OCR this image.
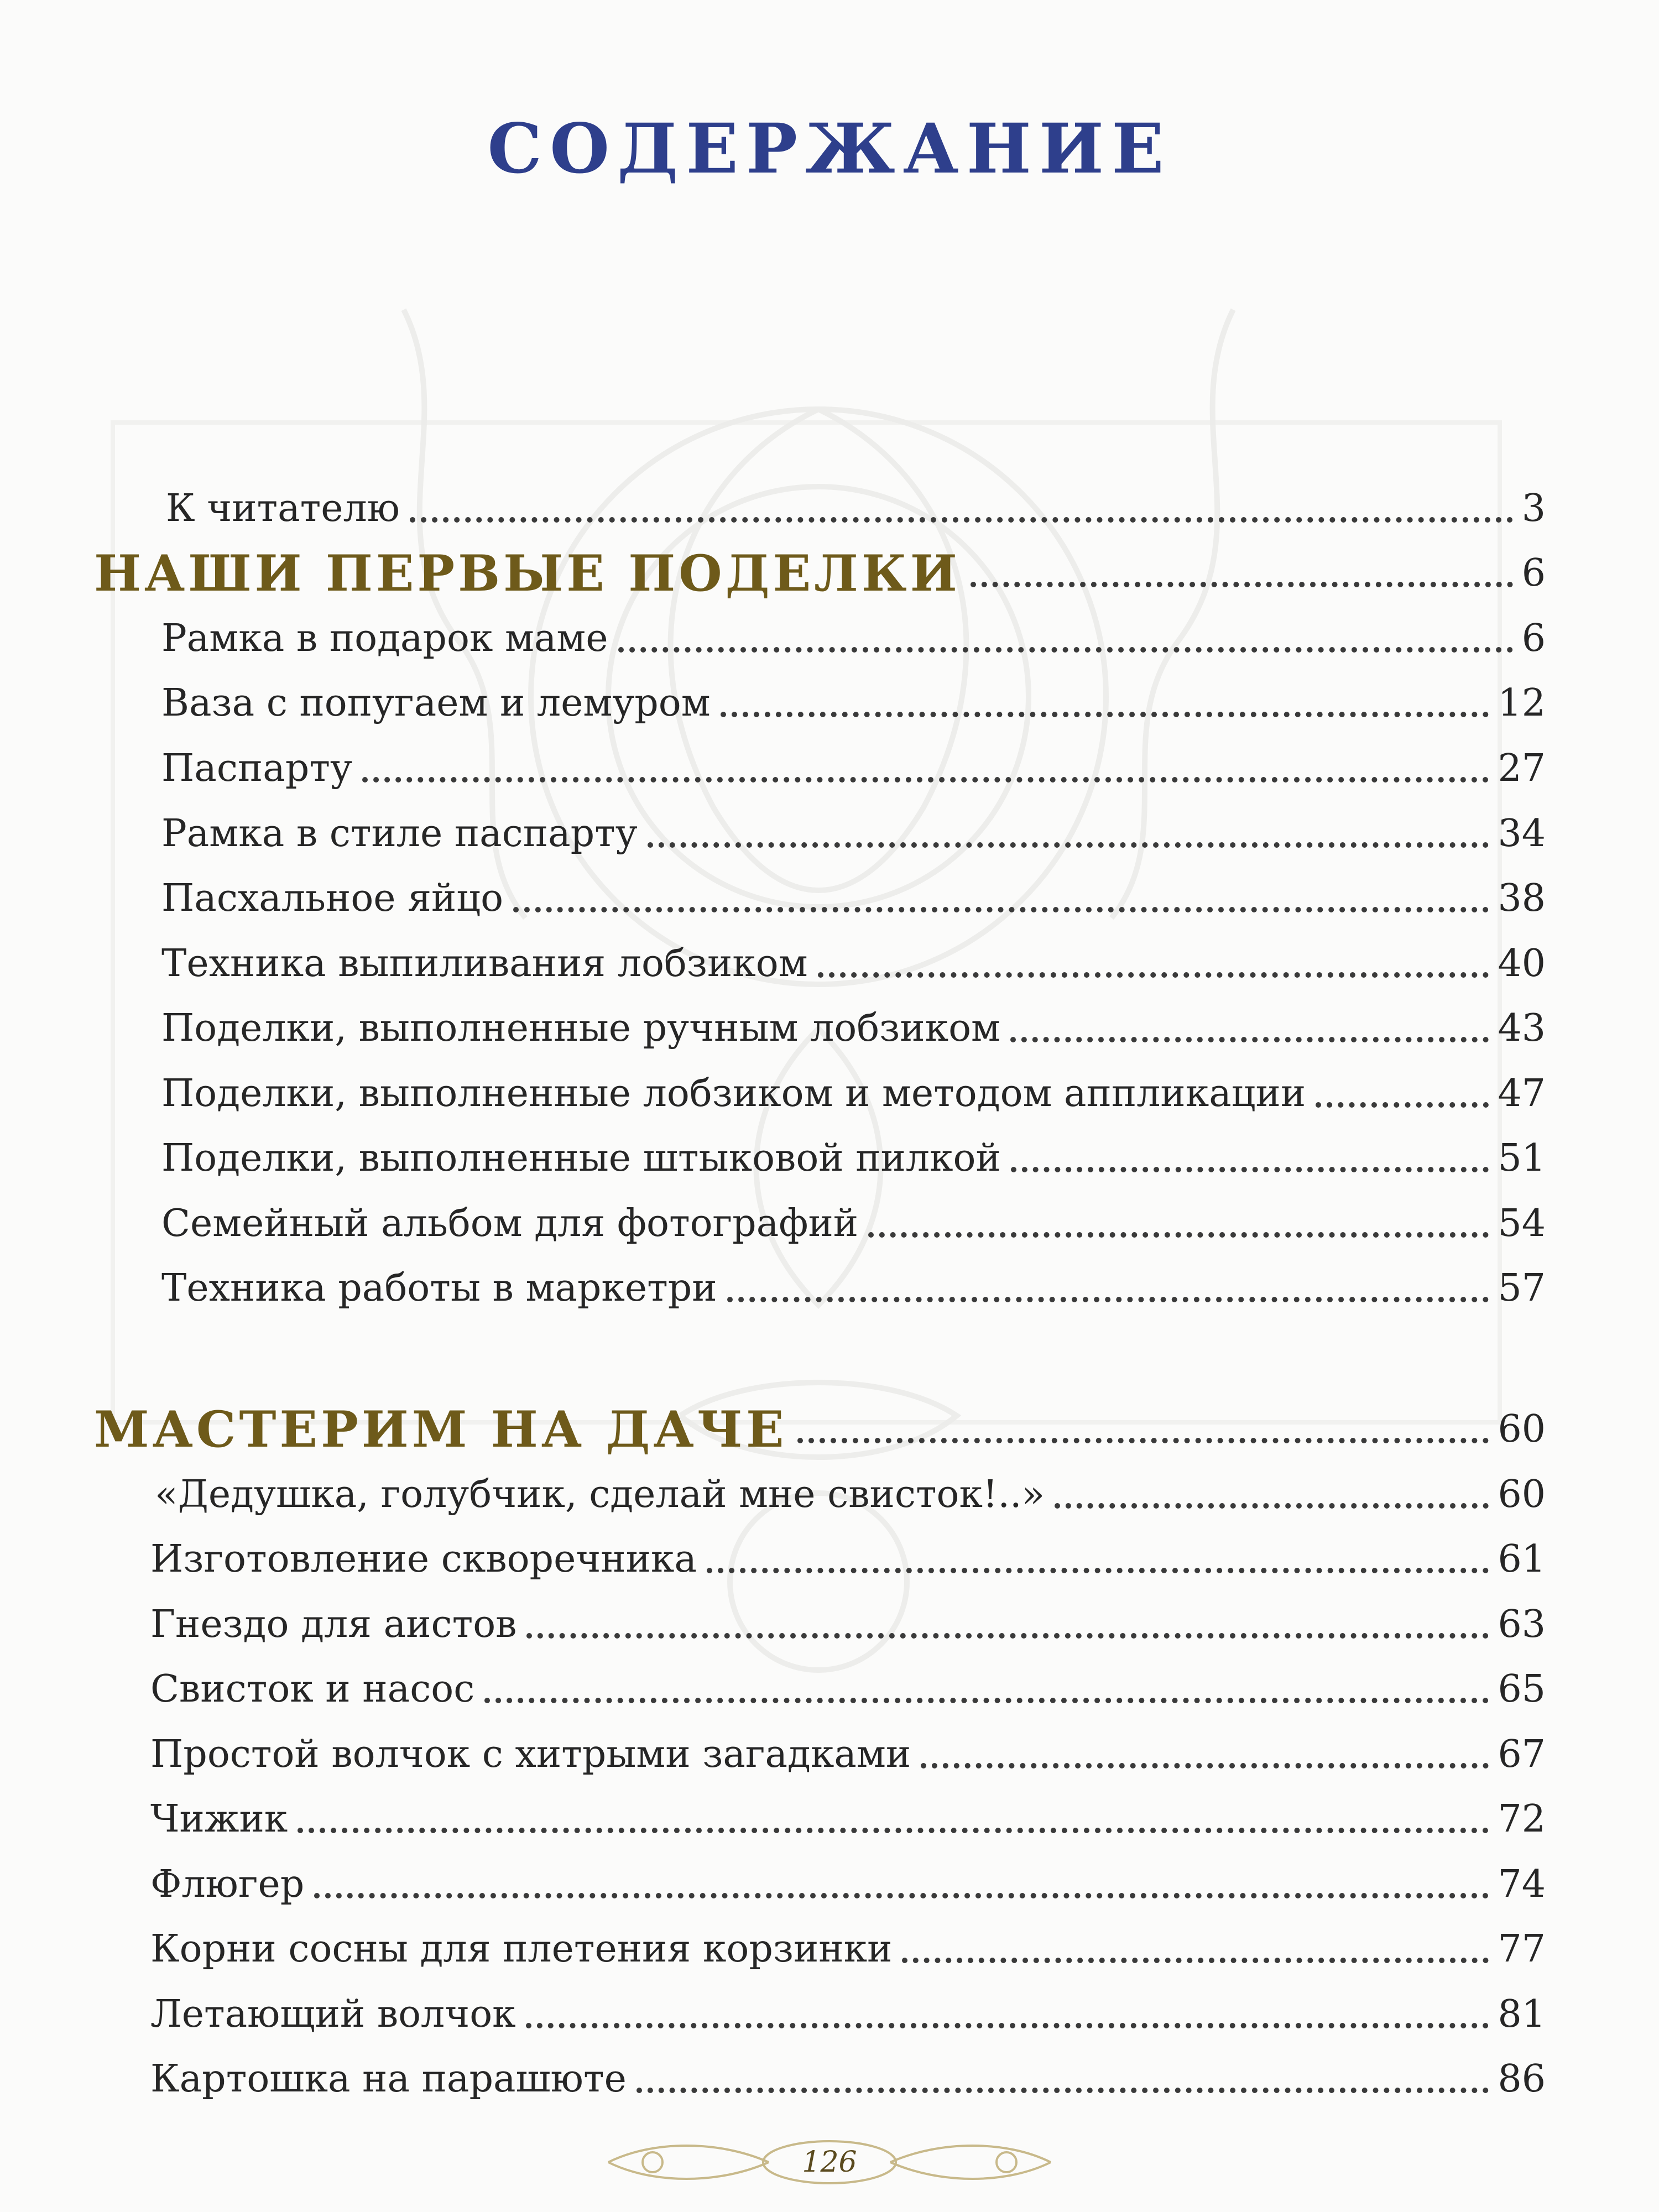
СОДЕРЖАНИЕ
К читателю	3
НАШИ ПЕРВЫЕ ПОДЕЛКИ	6
Рамка в подарок маме	6
Ваза с попугаем и лемуром	12
Паспарту	27
Рамка в стиле паспарту	34
Пасхальное яйцо	38
Техника выпиливания лобзиком	40
Поделки, выполненные ручным лобзиком	43
Поделки, выполненные лобзиком и методом аппликации	47
Поделки, выполненные штыковой пилкой	51
Семейный альбом для фотографий	54
Техника работы в маркетри	57
МАСТЕРИМ НА ДАЧЕ	60
«Дедушка, голубчик, сделай мне свисток!..»	60
Изготовление скворечника	61
Гнездо для аистов	63
Свисток и насос	65
Простой волчок с хитрыми загадками	67
Чижик	72
Флюгер	74
Корни сосны для плетения корзинки	77
Летающий волчок	81
Картошка на парашюте	86
126
